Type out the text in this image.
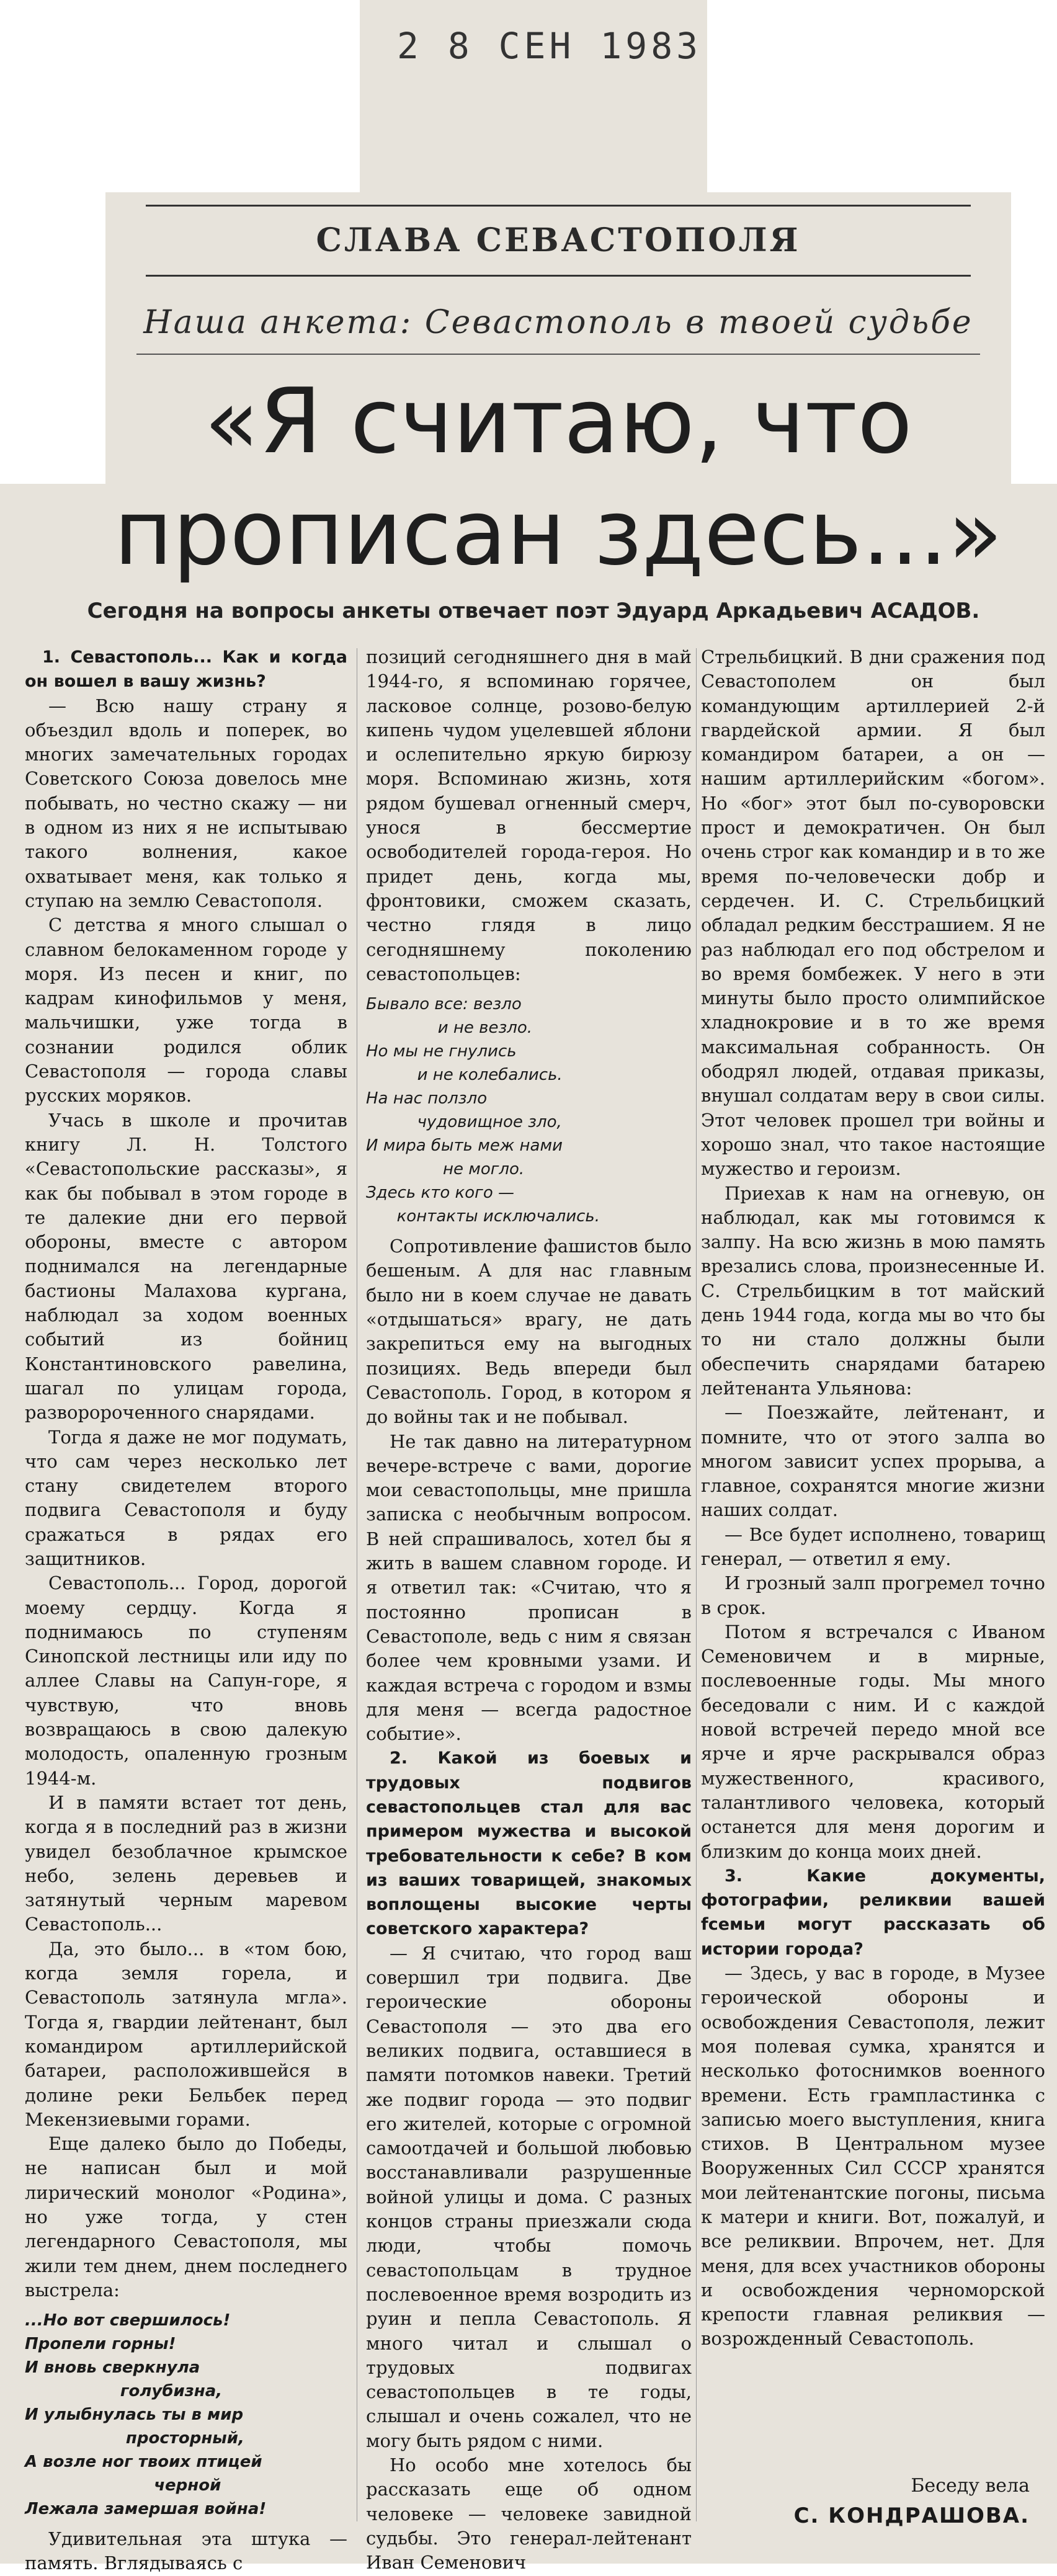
2 8 СЕН 1983
СЛАВА СЕВАСТОПОЛЯ
Наша анкета: Севастополь в твоей судьбе
«Я считаю, что
прописан здесь...»
Сегодня на вопросы анкеты отвечает поэт Эдуард Аркадьевич АСАДОВ.

1. Севастополь... Как и когда он вошел в вашу жизнь?

— Всю нашу страну я объездил вдоль и поперек, во многих замечательных городах Советского Союза довелось мне побывать, но честно скажу — ни в одном из них я не испытываю такого волнения, какое охватывает меня, как только я ступаю на землю Севастополя.

С детства я много слышал о славном белокаменном городе у моря. Из песен и книг, по кадрам кинофильмов у меня, мальчишки, уже тогда в сознании родился облик Севастополя — города славы русских моряков.

Учась в школе и прочитав книгу Л. Н. Толстого «Севастопольские рассказы», я как бы побывал в этом городе в те далекие дни его первой обороны, вместе с автором поднимался на легендарные бастионы Малахова кургана, наблюдал за ходом военных событий из бойниц Константиновского равелина, шагал по улицам города, разворороченного снарядами.

Тогда я даже не мог подумать, что сам через несколько лет стану свидетелем второго подвига Севастополя и буду сражаться в рядах его защитников.

Севастополь... Город, дорогой моему сердцу. Когда я поднимаюсь по ступеням Синопской лестницы или иду по аллее Славы на Сапун-горе, я чувствую, что вновь возвращаюсь в свою далекую молодость, опаленную грозным 1944-м.

И в памяти встает тот день, когда я в последний раз в жизни увидел безоблачное крымское небо, зелень деревьев и затянутый черным маревом Севастополь...

Да, это было... в «том бою, когда земля горела, и Севастополь затянула мгла». Тогда я, гвардии лейтенант, был командиром артиллерийской батареи, расположившейся в долине реки Бельбек перед Мекензиевыми горами.

Еще далеко было до Победы, не написан был и мой лирический монолог «Родина», но уже тогда, у стен легендарного Севастополя, мы жили тем днем, днем последнего выстрела:

...Но вот свершилось!
Пропели горны!
И вновь сверкнула
голубизна,
И улыбнулась ты в мир
просторный,
А возле ног твоих птицей
черной
Лежала замершая война!

Удивительная эта штука — память. Вглядываясь с

позиций сегодняшнего дня в май 1944-го, я вспоминаю горячее, ласковое солнце, розово-белую кипень чудом уцелевшей яблони и ослепительно яркую бирюзу моря. Вспоминаю жизнь, хотя рядом бушевал огненный смерч, унося в бессмертие освободителей города-героя. Но придет день, когда мы, фронтовики, сможем сказать, честно глядя в лицо сегодняшнему поколению севастопольцев:

Бывало все: везло
и не везло.
Но мы не гнулись
и не колебались.
На нас ползло
чудовищное зло,
И мира быть меж нами
не могло.
Здесь кто кого —
контакты исключались.

Сопротивление фашистов было бешеным. А для нас главным было ни в коем случае не давать «отдышаться» врагу, не дать закрепиться ему на выгодных позициях. Ведь впереди был Севастополь. Город, в котором я до войны так и не побывал.

Не так давно на литературном вечере-встрече с вами, дорогие мои севастопольцы, мне пришла записка с необычным вопросом. В ней спрашивалось, хотел бы я жить в вашем славном городе. И я ответил так: «Считаю, что я постоянно прописан в Севастополе, ведь с ним я связан более чем кровными узами. И каждая встреча с городом и взмы для меня — всегда радостное событие».

2. Какой из боевых и трудовых подвигов севастопольцев стал для вас примером мужества и высокой требовательности к себе? В ком из ваших товарищей, знакомых воплощены высокие черты советского характера?

— Я считаю, что город ваш совершил три подвига. Две героические обороны Севастополя — это два его великих подвига, оставшиеся в памяти потомков навеки. Третий же подвиг города — это подвиг его жителей, которые с огромной самоотдачей и большой любовью восстанавливали разрушенные войной улицы и дома. С разных концов страны приезжали сюда люди, чтобы помочь севастопольцам в трудное послевоенное время возродить из руин и пепла Севастополь. Я много читал и слышал о трудовых подвигах севастопольцев в те годы, слышал и очень сожалел, что не могу быть рядом с ними.

Но особо мне хотелось бы рассказать еще об одном человеке — человеке завидной судьбы. Это генерал-лейтенант Иван Семенович

Стрельбицкий. В дни сражения под Севастополем он был командующим артиллерией 2-й гвардейской армии. Я был командиром батареи, а он — нашим артиллерийским «богом». Но «бог» этот был по-суворовски прост и демократичен. Он был очень строг как командир и в то же время по-человечески добр и сердечен. И. С. Стрельбицкий обладал редким бесстрашием. Я не раз наблюдал его под обстрелом и во время бомбежек. У него в эти минуты было просто олимпийское хладнокровие и в то же время максимальная собранность. Он ободрял людей, отдавая приказы, внушал солдатам веру в свои силы. Этот человек прошел три войны и хорошо знал, что такое настоящие мужество и героизм.

Приехав к нам на огневую, он наблюдал, как мы готовимся к залпу. На всю жизнь в мою память врезались слова, произнесенные И. С. Стрельбицким в тот майский день 1944 года, когда мы во что бы то ни стало должны были обеспечить снарядами батарею лейтенанта Ульянова:

— Поезжайте, лейтенант, и помните, что от этого залпа во многом зависит успех прорыва, а главное, сохранятся многие жизни наших солдат.

— Все будет исполнено, товарищ генерал, — ответил я ему.

И грозный залп прогремел точно в срок.

Потом я встречался с Иваном Семеновичем и в мирные, послевоенные годы. Мы много беседовали с ним. И с каждой новой встречей передо мной все ярче и ярче раскрывался образ мужественного, красивого, талантливого человека, который останется для меня дорогим и близким до конца моих дней.

3. Какие документы, фотографии, реликвии вашей fсемьи могут рассказать об истории города?

— Здесь, у вас в городе, в Музее героической обороны и освобождения Севастополя, лежит моя полевая сумка, хранятся и несколько фотоснимков военного времени. Есть грампластинка с записью моего выступления, книга стихов. В Центральном музее Вооруженных Сил СССР хранятся мои лейтенантские погоны, письма к матери и книги. Вот, пожалуй, и все реликвии. Впрочем, нет. Для меня, для всех участников обороны и освобождения черноморской крепости главная реликвия — возрожденный Севастополь.

Беседу вела
С. КОНДРАШОВА.
